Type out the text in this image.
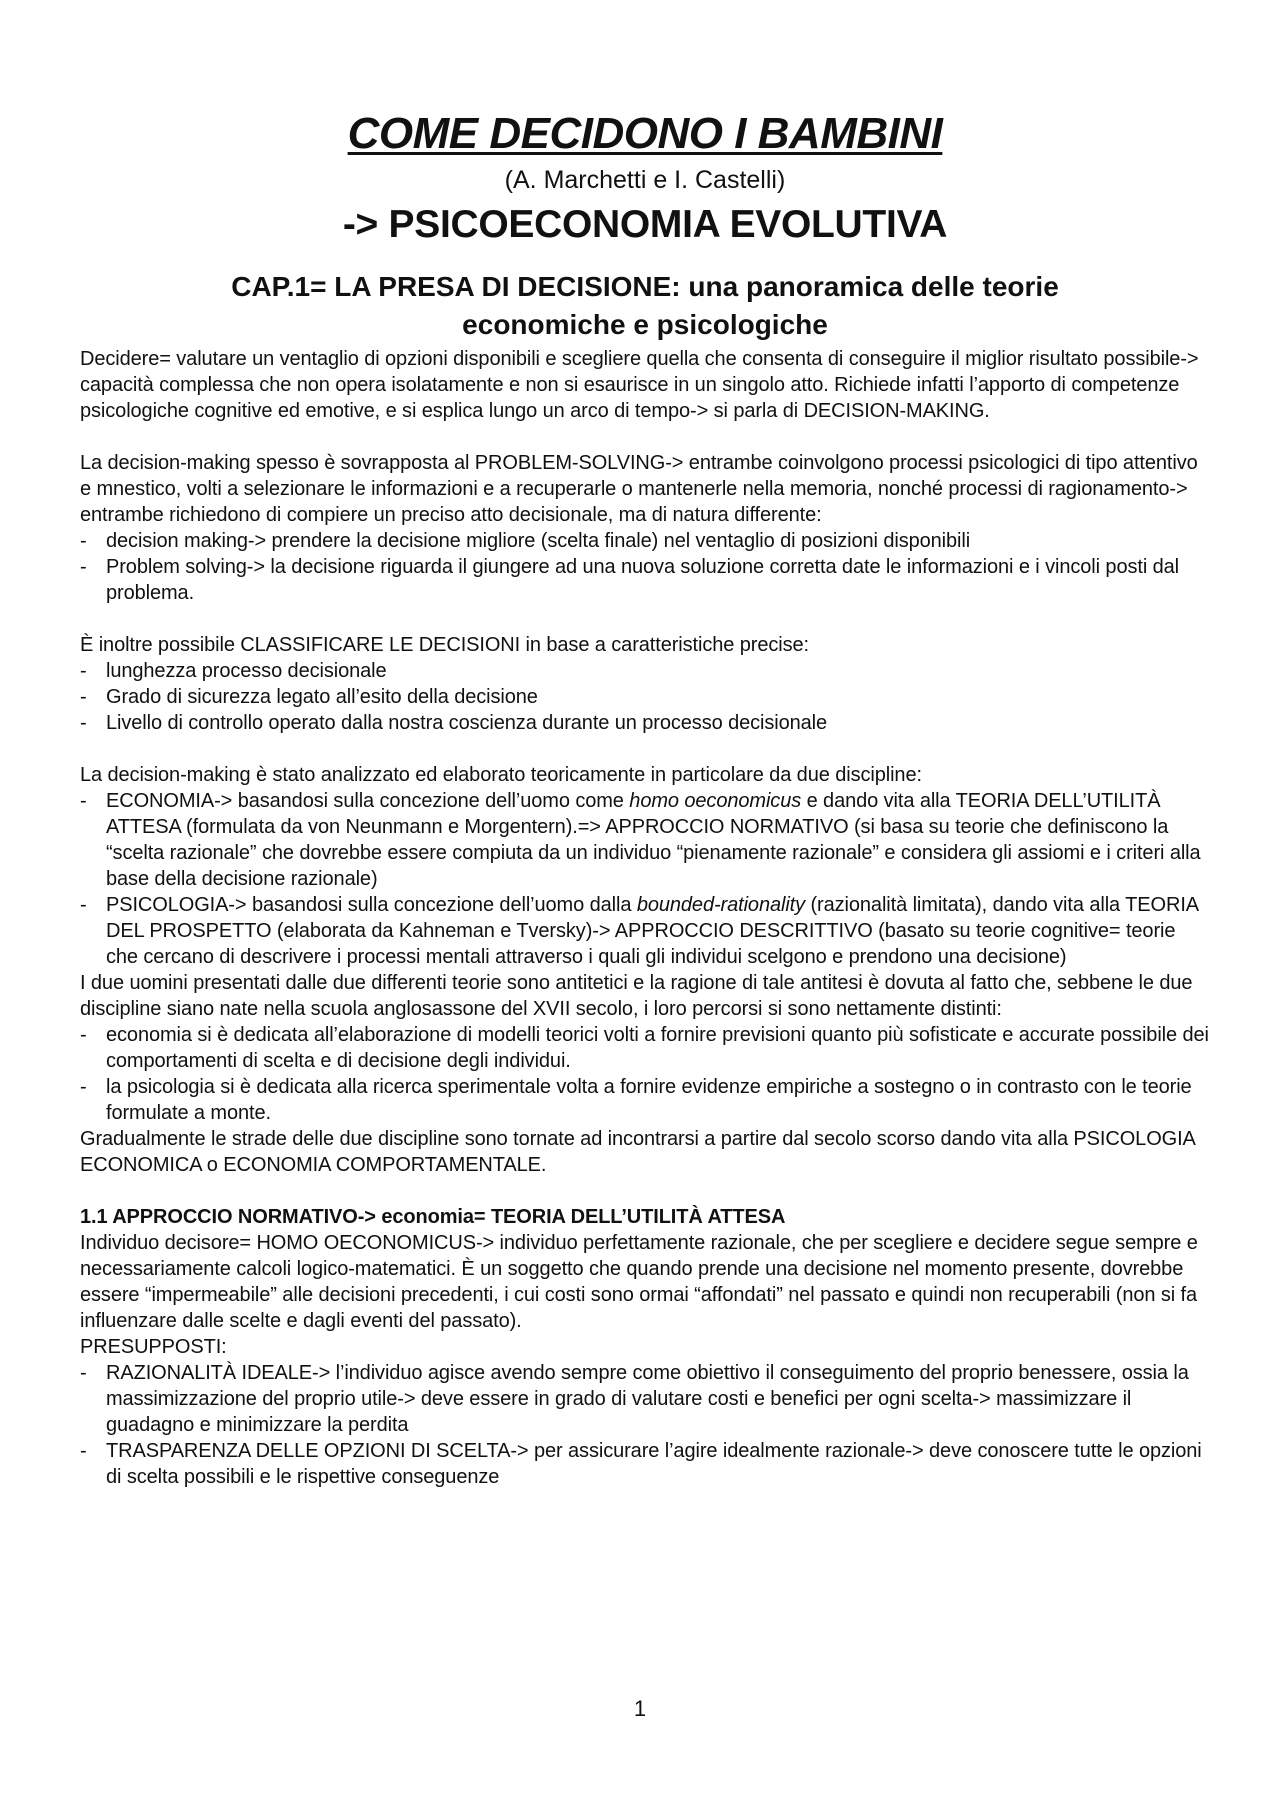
COME DECIDONO I BAMBINI

(A. Marchetti e I. Castelli)

-> PSICOECONOMIA EVOLUTIVA
CAP.1= LA PRESA DI DECISIONE: una panoramica delle teorie
economiche e psicologiche

Decidere= valutare un ventaglio di opzioni disponibili e scegliere quella che consenta di conseguire il miglior risultato possibile-> capacità complessa che non opera isolatamente e non si esaurisce in un singolo atto. Richiede infatti l’apporto di competenze psicologiche cognitive ed emotive, e si esplica lungo un arco di tempo-> si parla di DECISION-MAKING.

La decision-making spesso è sovrapposta al PROBLEM-SOLVING-> entrambe coinvolgono processi psicologici di tipo attentivo e mnestico, volti a selezionare le informazioni e a recuperarle o mantenerle nella memoria, nonché processi di ragionamento-> entrambe richiedono di compiere un preciso atto decisionale, ma di natura differente:

- decision making-> prendere la decisione migliore (scelta finale) nel ventaglio di posizioni disponibili
- Problem solving-> la decisione riguarda il giungere ad una nuova soluzione corretta date le informazioni e i vincoli posti dal problema.

È inoltre possibile CLASSIFICARE LE DECISIONI in base a caratteristiche precise:

- lunghezza processo decisionale
- Grado di sicurezza legato all’esito della decisione
- Livello di controllo operato dalla nostra coscienza durante un processo decisionale

La decision-making è stato analizzato ed elaborato teoricamente in particolare da due discipline:

- ECONOMIA-> basandosi sulla concezione dell’uomo come homo oeconomicus e dando vita alla TEORIA DELL’UTILITÀ ATTESA (formulata da von Neunmann e Morgentern).=> APPROCCIO NORMATIVO (si basa su teorie che definiscono la “scelta razionale” che dovrebbe essere compiuta da un individuo “pienamente razionale” e considera gli assiomi e i criteri alla base della decisione razionale)
- PSICOLOGIA-> basandosi sulla concezione dell’uomo dalla bounded-rationality (razionalità limitata), dando vita alla TEORIA DEL PROSPETTO (elaborata da Kahneman e Tversky)-> APPROCCIO DESCRITTIVO (basato su teorie cognitive= teorie che cercano di descrivere i processi mentali attraverso i quali gli individui scelgono e prendono una decisione)

I due uomini presentati dalle due differenti teorie sono antitetici e la ragione di tale antitesi è dovuta al fatto che, sebbene le due discipline siano nate nella scuola anglosassone del XVII secolo, i loro percorsi si sono nettamente distinti:

- economia si è dedicata all’elaborazione di modelli teorici volti a fornire previsioni quanto più sofisticate e accurate possibile dei comportamenti di scelta e di decisione degli individui.
- la psicologia si è dedicata alla ricerca sperimentale volta a fornire evidenze empiriche a sostegno o in contrasto con le teorie formulate a monte.

Gradualmente le strade delle due discipline sono tornate ad incontrarsi a partire dal secolo scorso dando vita alla PSICOLOGIA ECONOMICA o ECONOMIA COMPORTAMENTALE.

1.1 APPROCCIO NORMATIVO-> economia= TEORIA DELL’UTILITÀ ATTESA

Individuo decisore= HOMO OECONOMICUS-> individuo perfettamente razionale, che per scegliere e decidere segue sempre e necessariamente calcoli logico-matematici. È un soggetto che quando prende una decisione nel momento presente, dovrebbe essere “impermeabile” alle decisioni precedenti, i cui costi sono ormai “affondati” nel passato e quindi non recuperabili (non si fa influenzare dalle scelte e dagli eventi del passato).

PRESUPPOSTI:

- RAZIONALITÀ IDEALE-> l’individuo agisce avendo sempre come obiettivo il conseguimento del proprio benessere, ossia la massimizzazione del proprio utile-> deve essere in grado di valutare costi e benefici per ogni scelta-> massimizzare il guadagno e minimizzare la perdita
- TRASPARENZA DELLE OPZIONI DI SCELTA-> per assicurare l’agire idealmente razionale-> deve conoscere tutte le opzioni di scelta possibili e le rispettive conseguenze
1
